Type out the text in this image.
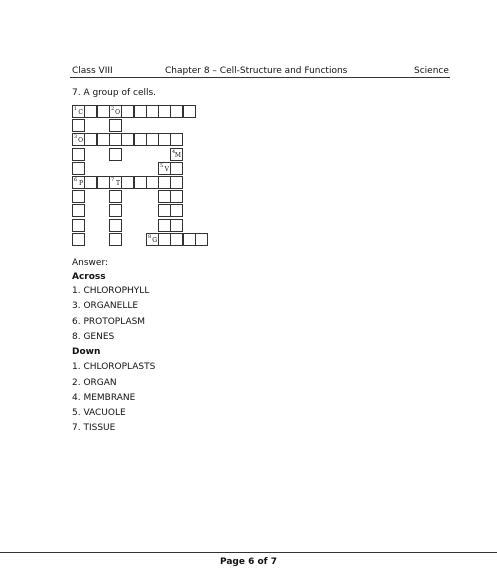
Class VIII	Chapter 8 – Cell-Structure and Functions	Science
7. A group of cells.
1 C	2 O
3 O
4 M
5 V
6 P	7 T
8 G
Answer:
Across
1. CHLOROPHYLL
3. ORGANELLE
6. PROTOPLASM
8. GENES
Down
1. CHLOROPLASTS
2. ORGAN
4. MEMBRANE
5. VACUOLE
7. TISSUE
Page 6 of 7
